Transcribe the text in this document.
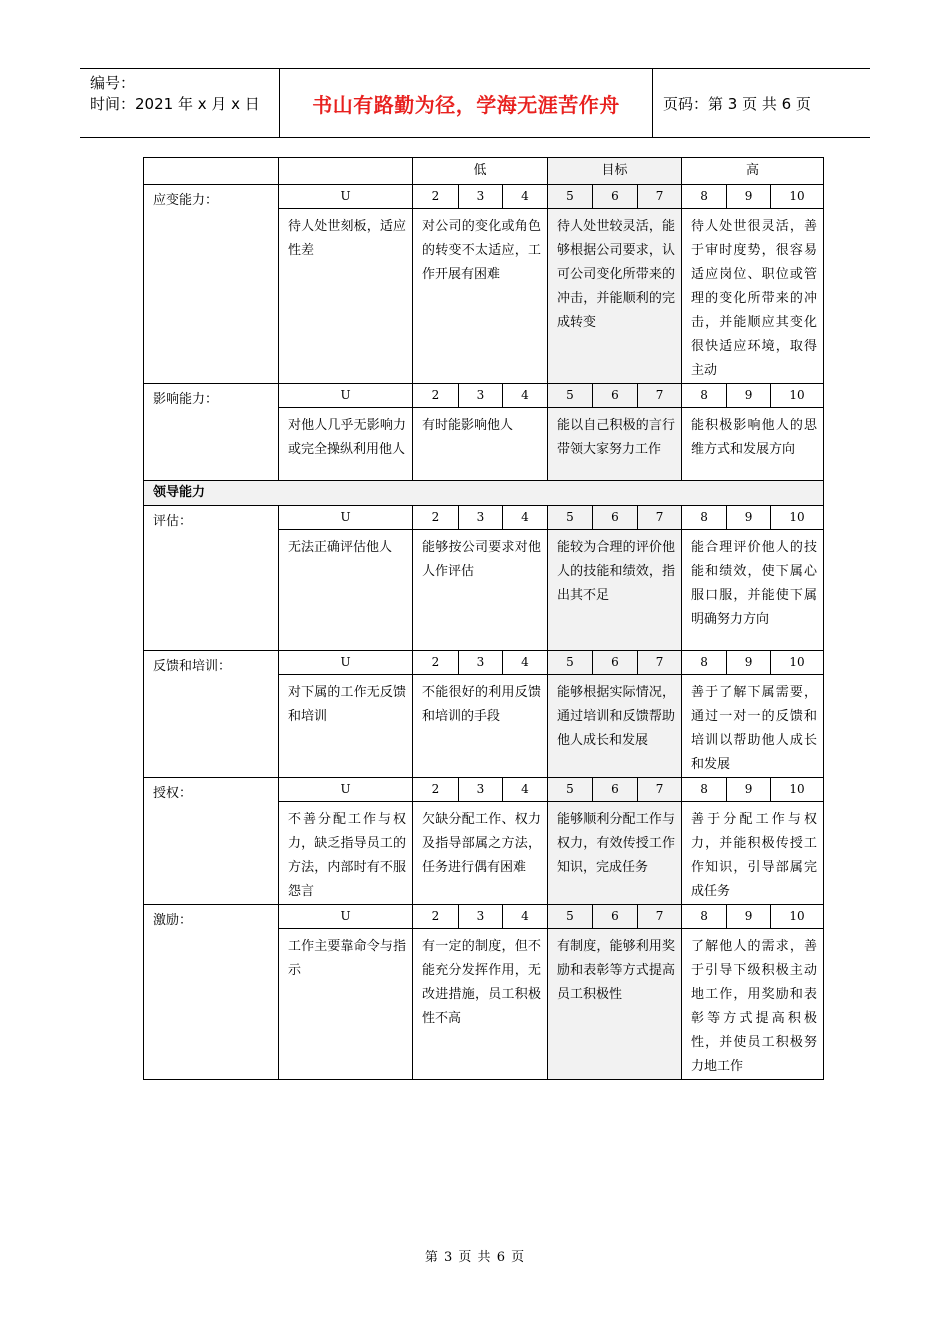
编号：
时间：2021 年 x 月 x 日	书山有路勤为径，学海无涯苦作舟	页码：第 3 页 共 6 页
		低			目标			高		
应变能力：	U	2	3	4	5	6	7	8	9	10
	待人处世刻板，适应性差	对公司的变化或角色的转变不太适应，工作开展有困难			待人处世较灵活，能够根据公司要求，认可公司变化所带来的冲击，并能顺利的完成转变			待人处世很灵活，善于审时度势，很容易适应岗位、职位或管理的变化所带来的冲击，并能顺应其变化很快适应环境，取得主动		
影响能力：	U	2	3	4	5	6	7	8	9	10
	对他人几乎无影响力或完全操纵利用他人	有时能影响他人			能以自己积极的言行带领大家努力工作			能积极影响他人的思维方式和发展方向		
领导能力										
评估：	U	2	3	4	5	6	7	8	9	10
	无法正确评估他人	能够按公司要求对他人作评估			能较为合理的评价他人的技能和绩效，指出其不足			能合理评价他人的技能和绩效，使下属心服口服，并能使下属明确努力方向		
反馈和培训：	U	2	3	4	5	6	7	8	9	10
	对下属的工作无反馈和培训	不能很好的利用反馈和培训的手段			能够根据实际情况，通过培训和反馈帮助他人成长和发展			善于了解下属需要，通过一对一的反馈和培训以帮助他人成长和发展		
授权：	U	2	3	4	5	6	7	8	9	10
	不善分配工作与权力，缺乏指导员工的方法，内部时有不服怨言	欠缺分配工作、权力及指导部属之方法，任务进行偶有困难			能够顺利分配工作与权力，有效传授工作知识，完成任务			善于分配工作与权力，并能积极传授工作知识，引导部属完成任务		
激励：	U	2	3	4	5	6	7	8	9	10
	工作主要靠命令与指示	有一定的制度，但不能充分发挥作用，无改进措施，员工积极性不高			有制度，能够利用奖励和表彰等方式提高员工积极性			了解他人的需求，善于引导下级积极主动地工作，用奖励和表彰等方式提高积极性，并使员工积极努力地工作		
第 3 页 共 6 页
